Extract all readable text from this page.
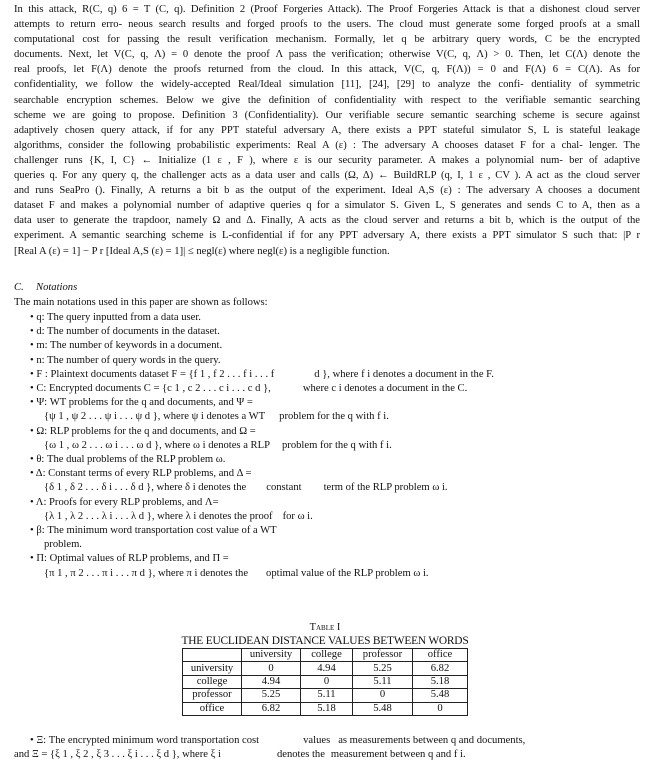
In this attack, R(C, q) 6 = T (C, q). Definition 2 (Proof Forgeries Attack). The Proof Forgeries Attack is that a dishonest cloud server
attempts to return erro- neous search results and forged proofs to the users. The cloud must generate some forged proofs at a small
computational cost for passing the result verification mechanism. Formally, let q be arbitrary query words, C be the encrypted
documents. Next, let V(C, q, Λ) = 0 denote the proof Λ pass the verification; otherwise V(C, q, Λ) > 0. Then, let C(Λ) denote the
real proofs, let F(Λ) denote the proofs returned from the cloud. In this attack, V(C, q, F(Λ)) = 0 and F(Λ) 6 = C(Λ). As for
confidentiality, we follow the widely-accepted Real/Ideal simulation [11], [24], [29] to analyze the confi- dentiality of symmetric
searchable encryption schemes. Below we give the definition of confidentiality with respect to the verifiable semantic searching
scheme we are going to propose. Definition 3 (Confidentiality). Our verifiable secure semantic searching scheme is secure against
adaptively chosen query attack, if for any PPT stateful adversary A, there exists a PPT stateful simulator S, L is stateful leakage
algorithms, consider the following probabilistic experiments: Real A (ε) : The adversary A chooses dataset F for a chal- lenger. The
challenger runs {K, I, C} ← Initialize (1 ε , F ), where ε is our security parameter. A makes a polynomial num- ber of adaptive
queries q. For any query q, the challenger acts as a data user and calls (Ω, Δ) ← BuildRLP (q, I, 1 ε , CV ). A act as the cloud server
and runs SeaPro (). Finally, A returns a bit b as the output of the experiment. Ideal A,S (ε) : The adversary A chooses a document
dataset F and makes a polynomial number of adaptive queries q for a simulator S. Given L, S generates and sends C to A, then as a
data user to generate the trapdoor, namely Ω and Δ. Finally, A acts as the cloud server and returns a bit b, which is the output of the
experiment. A semantic searching scheme is L-confidential if for any PPT adversary A, there exists a PPT simulator S such that: |P r
[Real A (ε) = 1] − P r [Ideal A,S (ε) = 1]| ≤ negl(ε) where negl(ε) is a negligible function.
C. Notations
The main notations used in this paper are shown as follows:
• q: The query inputted from a data user.
• d: The number of documents in the dataset.
• m: The number of keywords in a document.
• n: The number of query words in the query.
• F : Plaintext documents dataset F = {f 1 , f 2 . . . f i . . . f	d }, where f i denotes a document in the F.
• C: Encrypted documents C = {c 1 , c 2 . . . c i . . . c d },	where c i denotes a document in the C.
• Ψ: WT problems for the q and documents, and Ψ =
{ψ 1 , ψ 2 . . . ψ i . . . ψ d }, where ψ i denotes a WT problem for the q with f i.
• Ω: RLP problems for the q and documents, and Ω =
{ω 1 , ω 2 . . . ω i . . . ω d }, where ω i denotes a RLP problem for the q with f i.
• θ: The dual problems of the RLP problem ω.
• Δ: Constant terms of every RLP problems, and Δ =
{δ 1 , δ 2 . . . δ i . . . δ d }, where δ i denotes the constant term of the RLP problem ω i.
• Λ: Proofs for every RLP problems, and Λ=
{λ 1 , λ 2 . . . λ i . . . λ d }, where λ i denotes the proof for ω i.
• β: The minimum word transportation cost value of a WT
problem.
• Π: Optimal values of RLP problems, and Π =
{π 1 , π 2 . . . π i . . . π d }, where π i denotes the optimal value of the RLP problem ω i.
Table I
THE EUCLIDEAN DISTANCE VALUES BETWEEN WORDS
	university	college	professor	office
university	0	4.94	5.25	6.82
college	4.94	0	5.11	5.18
professor	5.25	5.11	0	5.48
office	6.82	5.18	5.48	0
• Ξ: The encrypted minimum word transportation cost	values as measurements between q and documents,
and Ξ = {ξ 1 , ξ 2 , ξ 3 . . . ξ i . . . ξ d }, where ξ i	denotes the measurement between q and f i.
